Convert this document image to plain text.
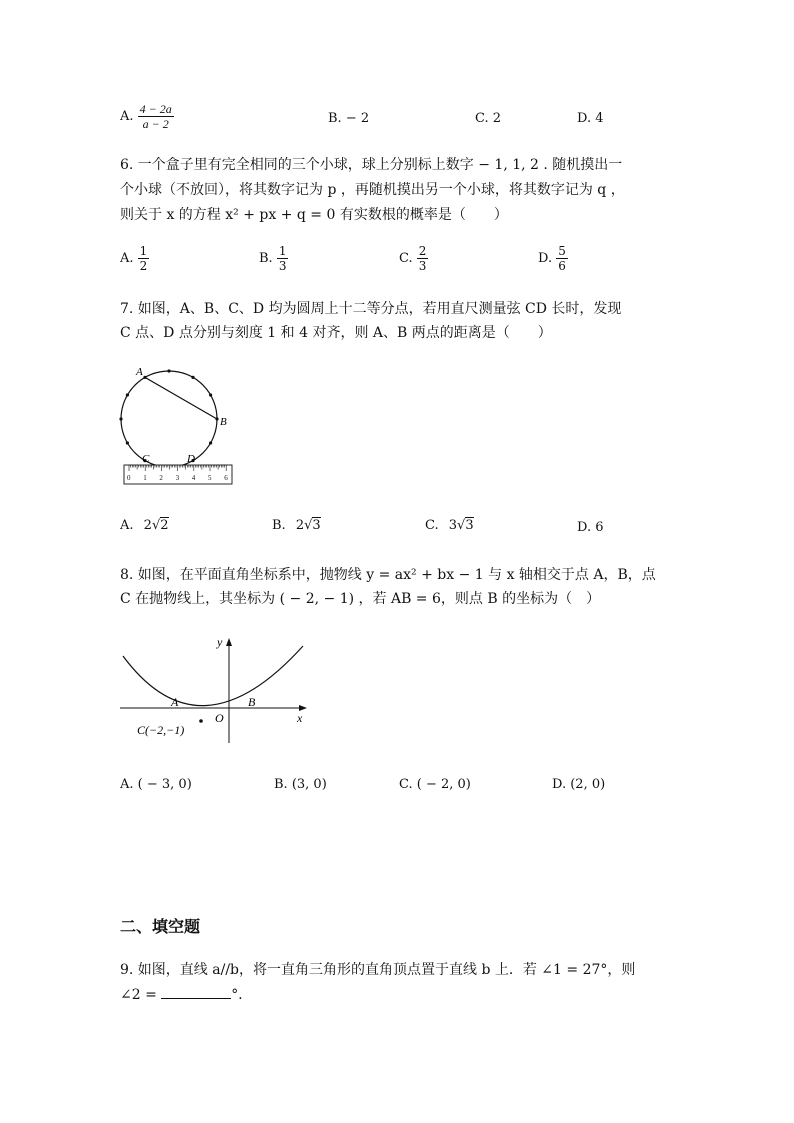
A. $\frac{4 - 2a}{a - 2}$	B. − 2	C. 2	D. 4
6. 一个盒子里有完全相同的三个小球，球上分别标上数字 − 1, 1, 2 . 随机摸出一
个小球（不放回），将其数字记为 p ，再随机摸出另一个小球，将其数字记为 q ，
则关于 x 的方程 x² + px + q = 0 有实数根的概率是（　　）
A. $\frac{1}{2}$	B. $\frac{1}{3}$	C. $\frac{2}{3}$	D. $\frac{5}{6}$
7. 如图，A、B、C、D 均为圆周上十二等分点，若用直尺测量弦 CD 长时，发现
C 点、D 点分别与刻度 1 和 4 对齐，则 A、B 两点的距离是（　　）
A
B
C	D
0 1 2 3 4 5 6
A. 2√2	B. 2√3	C. 3√3	D. 6
8. 如图，在平面直角坐标系中，抛物线 y = ax² + bx − 1 与 x 轴相交于点 A，B，点
C 在抛物线上，其坐标为 ( − 2, − 1) ，若 AB = 6，则点 B 的坐标为（　）
y
x
A	B
O
C(−2,−1)
A. ( − 3, 0)	B. (3, 0)	C. ( − 2, 0)	D. (2, 0)
二、填空题
9. 如图，直线 a//b，将一直角三角形的直角顶点置于直线 b 上．若 ∠1 = 27°，则
∠2 =	°．
